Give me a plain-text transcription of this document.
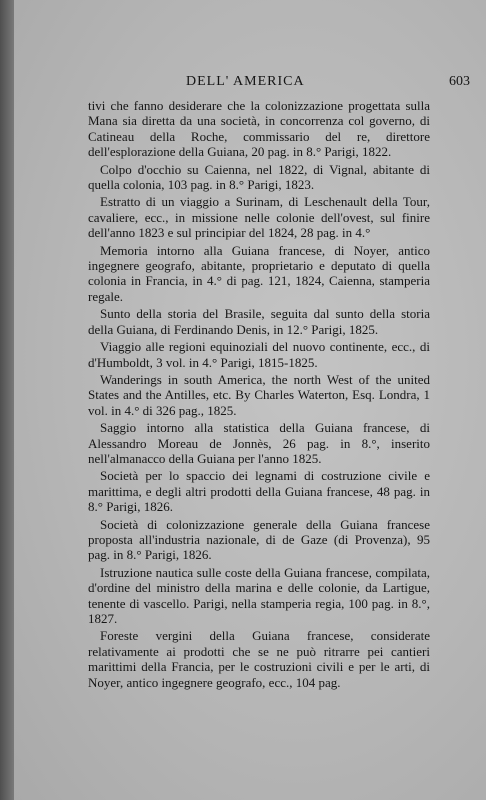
DELL' AMERICA	603

tivi che fanno desiderare che la colonizzazione progettata sulla Mana sia diretta da una società, in concorrenza col governo, di Catineau della Roche, commissario del re, direttore dell'esplorazione della Guiana, 20 pag. in 8.° Parigi, 1822.

Colpo d'occhio su Caienna, nel 1822, di Vignal, abitante di quella colonia, 103 pag. in 8.° Parigi, 1823.

Estratto di un viaggio a Surinam, di Leschenault della Tour, cavaliere, ecc., in missione nelle colonie dell'ovest, sul finire dell'anno 1823 e sul principiar del 1824, 28 pag. in 4.°

Memoria intorno alla Guiana francese, di Noyer, antico ingegnere geografo, abitante, proprietario e deputato di quella colonia in Francia, in 4.° di pag. 121, 1824, Caienna, stamperia regale.

Sunto della storia del Brasile, seguita dal sunto della storia della Guiana, di Ferdinando Denis, in 12.° Parigi, 1825.

Viaggio alle regioni equinoziali del nuovo continente, ecc., di d'Humboldt, 3 vol. in 4.° Parigi, 1815-1825.

Wanderings in south America, the north West of the united States and the Antilles, etc. By Charles Waterton, Esq. Londra, 1 vol. in 4.° di 326 pag., 1825.

Saggio intorno alla statistica della Guiana francese, di Alessandro Moreau de Jonnès, 26 pag. in 8.°, inserito nell'almanacco della Guiana per l'anno 1825.

Società per lo spaccio dei legnami di costruzione civile e marittima, e degli altri prodotti della Guiana francese, 48 pag. in 8.° Parigi, 1826.

Società di colonizzazione generale della Guiana francese proposta all'industria nazionale, di de Gaze (di Provenza), 95 pag. in 8.° Parigi, 1826.

Istruzione nautica sulle coste della Guiana francese, compilata, d'ordine del ministro della marina e delle colonie, da Lartigue, tenente di vascello. Parigi, nella stamperia regia, 100 pag. in 8.°, 1827.

Foreste vergini della Guiana francese, considerate relativamente ai prodotti che se ne può ritrarre pei cantieri marittimi della Francia, per le costruzioni civili e per le arti, di Noyer, antico ingegnere geografo, ecc., 104 pag.
